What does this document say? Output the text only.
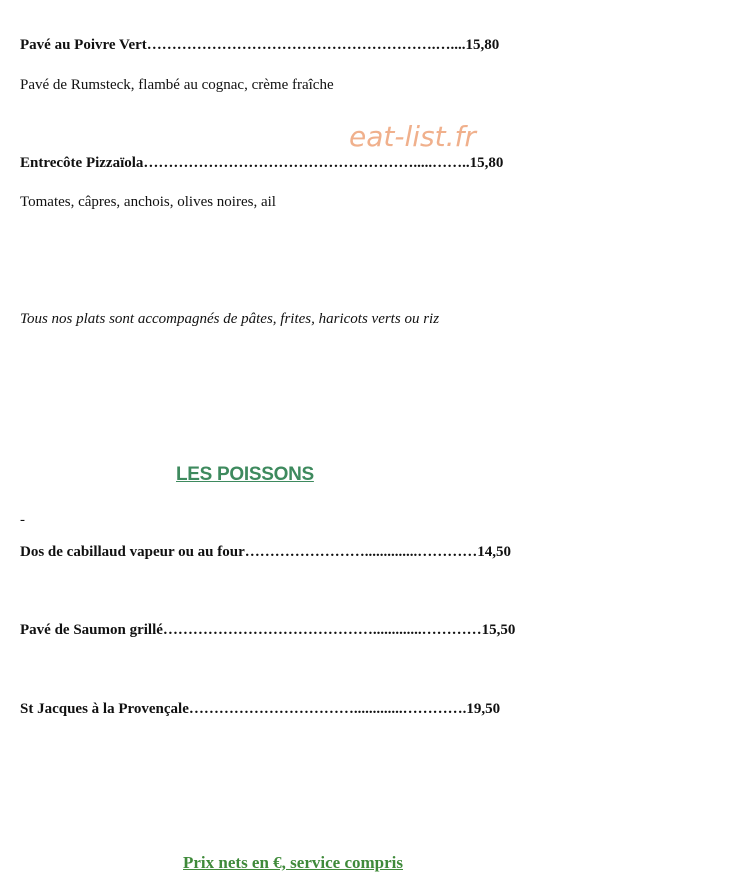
Pavé au Poivre Vert………………………………………………….…....15,80
Pavé de Rumsteck, flambé au cognac, crème fraîche
eat-list.fr
Entrecôte Pizzaïola……………………………………………….....……..15,80
Tomates, câpres, anchois, olives noires, ail
Tous nos plats sont accompagnés de pâtes, frites, haricots verts ou riz
LES POISSONS
-
Dos de cabillaud vapeur ou au four……………………..............…………14,50
Pavé de Saumon grillé…………………………………….............…………15,50
St Jacques à la Provençale…………………………….............………….19,50
Prix nets en €, service compris
